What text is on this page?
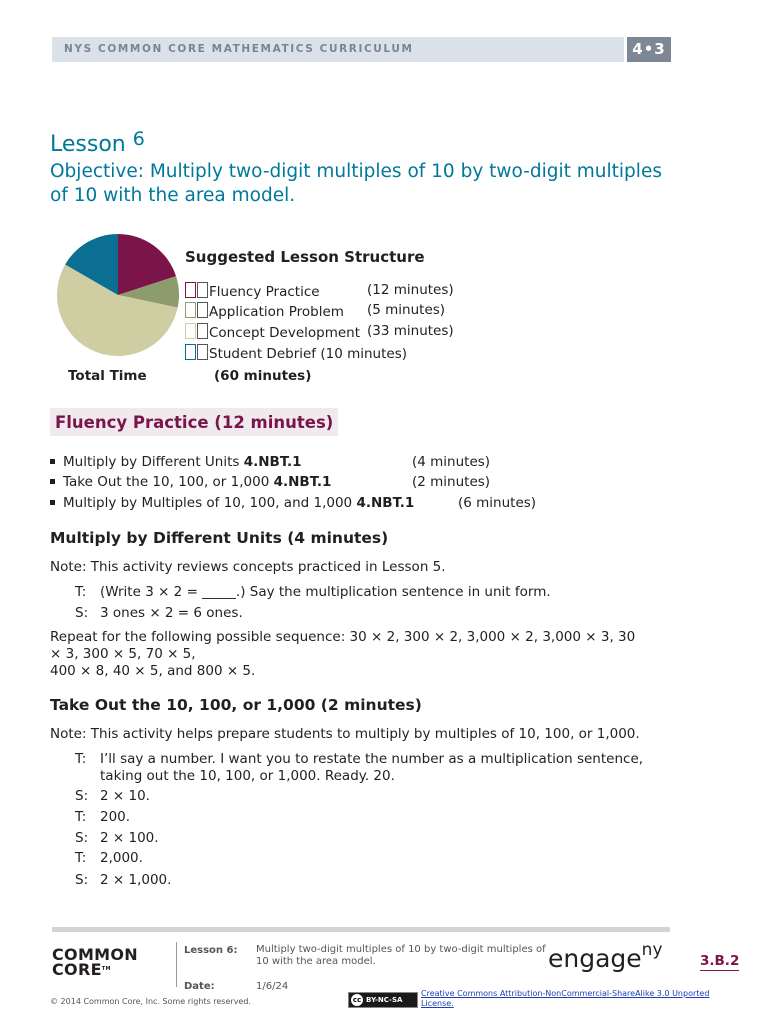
NYS COMMON CORE MATHEMATICS CURRICULUM	4•3
Lesson $^6$
Objective: Multiply two-digit multiples of 10 by two-digit multiples of 10 with the area model.
Suggested Lesson Structure
Fluency Practice	(12 minutes)
Application Problem (5 minutes)
Concept Development (33 minutes)
Student Debrief (10 minutes)
Total Time	(60 minutes)
Fluency Practice (12 minutes)
Multiply by Different Units 4.NBT.1	(4 minutes)
Take Out the 10, 100, or 1,000 4.NBT.1	(2 minutes)
Multiply by Multiples of 10, 100, and 1,000 4.NBT.1	(6 minutes)
Multiply by Different Units (4 minutes)
Note: This activity reviews concepts practiced in Lesson 5.
T: (Write 3 × 2 = _____.) Say the multiplication sentence in unit form.
S: 3 ones × 2 = 6 ones.
Repeat for the following possible sequence: 30 × 2, 300 × 2, 3,000 × 2, 3,000 × 3, 30
× 3, 300 × 5, 70 × 5,
400 × 8, 40 × 5, and 800 × 5.
Take Out the 10, 100, or 1,000 (2 minutes)
Note: This activity helps prepare students to multiply by multiples of 10, 100, or 1,000.
T: I’ll say a number. I want you to restate the number as a multiplication sentence,
taking out the 10, 100, or 1,000. Ready. 20.
S: 2 × 10.
T: 200.
S: 2 × 100.
T: 2,000.
S: 2 × 1,000.
COMMON
CORE™
Lesson 6:
Date:
Multiply two-digit multiples of 10 by two-digit multiples of 10 with the area model.
1/6/24
engage$^{ny}$
3.B.2
© 2014 Common Core, Inc. Some rights reserved.	cc BY-NC-SA
Creative Commons Attribution-NonCommercial-ShareAlike 3.0 Unported License.
